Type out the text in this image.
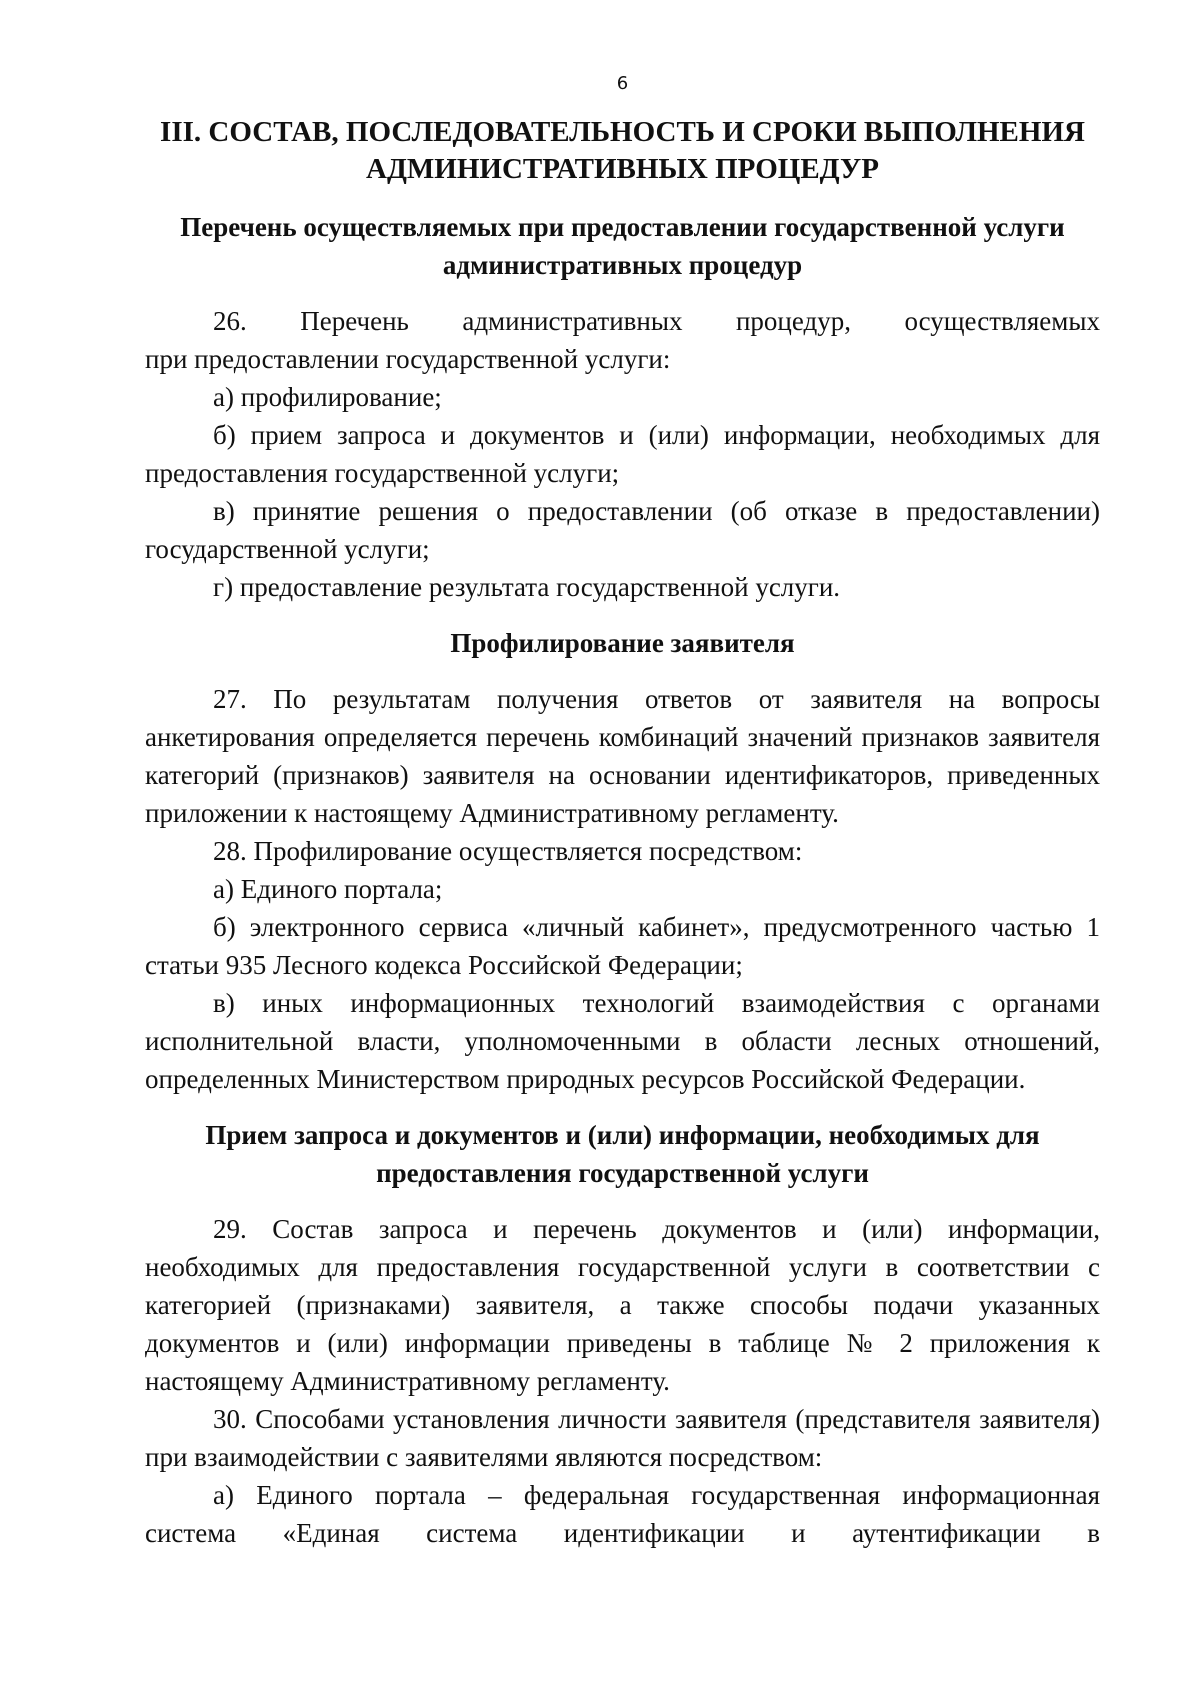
6
III. СОСТАВ, ПОСЛЕДОВАТЕЛЬНОСТЬ И СРОКИ ВЫПОЛНЕНИЯ
АДМИНИСТРАТИВНЫХ ПРОЦЕДУР
Перечень осуществляемых при предоставлении государственной услуги
административных процедур

26. Перечень административных процедур, осуществляемых

при предоставлении государственной услуги:

а) профилирование;

б) прием запроса и документов и (или) информации, необходимых для предоставления государственной услуги;

в) принятие решения о предоставлении (об отказе в предоставлении) государственной услуги;

г) предоставление результата государственной услуги.

Профилирование заявителя

27. По результатам получения ответов от заявителя на вопросы анкетирования определяется перечень комбинаций значений признаков заявителя категорий (признаков) заявителя на основании идентификаторов, приведенных приложении к настоящему Административному регламенту.

28. Профилирование осуществляется посредством:

а) Единого портала;

б) электронного сервиса «личный кабинет», предусмотренного частью 1 статьи 935 Лесного кодекса Российской Федерации;

в) иных информационных технологий взаимодействия с органами исполнительной власти, уполномоченными в области лесных отношений, определенных Министерством природных ресурсов Российской Федерации.

Прием запроса и документов и (или) информации, необходимых для
предоставления государственной услуги

29. Состав запроса и перечень документов и (или) информации, необходимых для предоставления государственной услуги в соответствии с категорией (признаками) заявителя, а также способы подачи указанных документов и (или) информации приведены в таблице № 2 приложения к настоящему Административному регламенту.

30. Способами установления личности заявителя (представителя заявителя) при взаимодействии с заявителями являются посредством:

а) Единого портала – федеральная государственная информационная

система «Единая система идентификации и аутентификации в
